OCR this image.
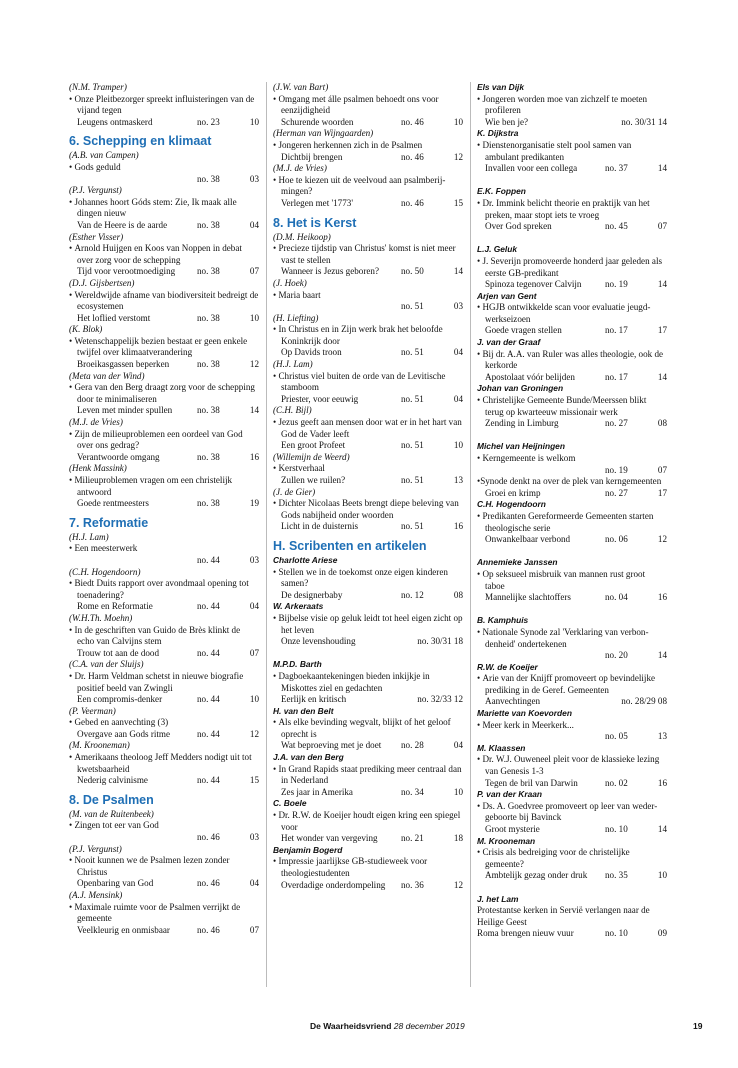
(N.M. Tramper)
• Onze Pleitbezorger spreekt influisteringen van de vijand tegen
Leugens ontmaskerd	no. 23	10
6. Schepping en klimaat
(A.B. van Campen)
• Gods geduld
no. 38	03
(P.J. Vergunst)
• Johannes hoort Góds stem: Zie, Ik maak alle dingen nieuw
Van de Heere is de aarde	no. 38	04
(Esther Visser)
• Arnold Huijgen en Koos van Noppen in debat over zorg voor de schepping
Tijd voor verootmoediging	no. 38	07
(D.J. Gijsbertsen)
• Wereldwijde afname van biodiversiteit bedreigt de ecosystemen
Het loflied verstomt	no. 38	10
(K. Blok)
• Wetenschappelijk bezien bestaat er geen enkele twijfel over klimaatverandering
Broeikasgassen beperken	no. 38	12
(Meta van der Wind)
• Gera van den Berg draagt zorg voor de schepping door te minimaliseren
Leven met minder spullen	no. 38	14
(M.J. de Vries)
• Zijn de milieuproblemen een oordeel van God over ons gedrag?
Verantwoorde omgang	no. 38	16
(Henk Massink)
• Milieuproblemen vragen om een christelijk antwoord
Goede rentmeesters	no. 38	19
7. Reformatie
(H.J. Lam)
• Een meesterwerk
no. 44	03
(C.H. Hogendoorn)
• Biedt Duits rapport over avondmaal opening tot toenadering?
Rome en Reformatie	no. 44	04
(W.H.Th. Moehn)
• In de geschriften van Guido de Brès klinkt de echo van Calvijns stem
Trouw tot aan de dood	no. 44	07
(C.A. van der Sluijs)
• Dr. Harm Veldman schetst in nieuwe biografie positief beeld van Zwingli
Een compromis-denker	no. 44	10
(P. Veerman)
• Gebed en aanvechting (3)
Overgave aan Gods ritme	no. 44	12
(M. Krooneman)
• Amerikaans theoloog Jeff Medders nodigt uit tot kwetsbaarheid
Nederig calvinisme	no. 44	15
8. De Psalmen
(M. van de Ruitenbeek)
• Zingen tot eer van God
no. 46	03
(P.J. Vergunst)
• Nooit kunnen we de Psalmen lezen zonder Christus
Openbaring van God	no. 46	04
(A.J. Mensink)
• Maximale ruimte voor de Psalmen verrijkt de gemeente
Veelkleurig en onmisbaar	no. 46	07
(J.W. van Bart)
• Omgang met álle psalmen behoedt ons voor eenzijdigheid
Schurende woorden	no. 46	10
(Herman van Wijngaarden)
• Jongeren herkennen zich in de Psalmen
Dichtbij brengen	no. 46	12
(M.J. de Vries)
• Hoe te kiezen uit de veelvoud aan psalmberij-mingen?
Verlegen met '1773'	no. 46	15
8. Het is Kerst
(D.M. Heikoop)
• Precieze tijdstip van Christus' komst is niet meer vast te stellen
Wanneer is Jezus geboren?	no. 50	14
(J. Hoek)
• Maria baart
no. 51	03
(H. Liefting)
• In Christus en in Zijn werk brak het beloofde Koninkrijk door
Op Davids troon	no. 51	04
(H.J. Lam)
• Christus viel buiten de orde van de Levitische stamboom
Priester, voor eeuwig	no. 51	04
(C.H. Bijl)
• Jezus geeft aan mensen door wat er in het hart van God de Vader leeft
Een groot Profeet	no. 51	10
(Willemijn de Weerd)
• Kerstverhaal
Zullen we ruilen?	no. 51	13
(J. de Gier)
• Dichter Nicolaas Beets brengt diepe beleving van Gods nabijheid onder woorden
Licht in de duisternis	no. 51	16
H. Scribenten en artikelen
Charlotte Ariese
• Stellen we in de toekomst onze eigen kinderen samen?
De designerbaby	no. 12	08
W. Arkeraats
• Bijbelse visie op geluk leidt tot heel eigen zicht op het leven
Onze levenshouding	no. 30/31 18
M.P.D. Barth
• Dagboekaantekeningen bieden inkijkje in Miskottes ziel en gedachten
Eerlijk en kritisch	no. 32/33 12
H. van den Belt
• Als elke bevinding wegvalt, blijkt of het geloof oprecht is
Wat beproeving met je doet	no. 28	04
J.A. van den Berg
• In Grand Rapids staat prediking meer centraal dan in Nederland
Zes jaar in Amerika	no. 34	10
C. Boele
• Dr. R.W. de Koeijer houdt eigen kring een spiegel voor
Het wonder van vergeving	no. 21	18
Benjamin Bogerd
• Impressie jaarlijkse GB-studieweek voor theologiestudenten
Overdadige onderdompeling	no. 36	12
Els van Dijk
• Jongeren worden moe van zichzelf te moeten profileren
Wie ben je?	no. 30/31 14
K. Dijkstra
• Dienstenorganisatie stelt pool samen van ambulant predikanten
Invallen voor een collega	no. 37	14
E.K. Foppen
• Dr. Immink belicht theorie en praktijk van het preken, maar stopt iets te vroeg
Over God spreken	no. 45	07
L.J. Geluk
• J. Severijn promoveerde honderd jaar geleden als eerste GB-predikant
Spinoza tegenover Calvijn	no. 19	14
Arjen van Gent
• HGJB ontwikkelde scan voor evaluatie jeugd-werkseizoen
Goede vragen stellen	no. 17	17
J. van der Graaf
• Bij dr. A.A. van Ruler was alles theologie, ook de kerkorde
Apostolaat vóór belijden	no. 17	14
Johan van Groningen
• Christelijke Gemeente Bunde/Meerssen blikt terug op kwarteeuw missionair werk
Zending in Limburg	no. 27	08
Michel van Heijningen
• Kerngemeente is welkom
no. 19	07
• Synode denkt na over de plek van kerngemeenten
Groei en krimp	no. 27	17
C.H. Hogendoorn
• Predikanten Gereformeerde Gemeenten starten theologische serie
Onwankelbaar verbond	no. 06	12
Annemieke Janssen
• Op seksueel misbruik van mannen rust groot taboe
Mannelijke slachtoffers	no. 04	16
B. Kamphuis
• Nationale Synode zal 'Verklaring van verbon-denheid' ondertekenen
no. 20	14
R.W. de Koeijer
• Arie van der Knijff promoveert op bevindelijke prediking in de Geref. Gemeenten
Aanvechtingen	no. 28/29 08
Mariette van Koevorden
• Meer kerk in Meerkerk...
no. 05	13
M. Klaassen
• Dr. W.J. Ouweneel pleit voor de klassieke lezing van Genesis 1-3
Tegen de bril van Darwin	no. 02	16
P. van der Kraan
• Ds. A. Goedvree promoveert op leer van weder-geboorte bij Bavinck
Groot mysterie	no. 10	14
M. Krooneman
• Crisis als bedreiging voor de christelijke gemeente?
Ambtelijk gezag onder druk	no. 35	10
J. het Lam
Protestantse kerken in Servië verlangen naar de Heilige Geest
Roma brengen nieuw vuur	no. 10	09
De Waarheidsvriend 28 december 2019	19
